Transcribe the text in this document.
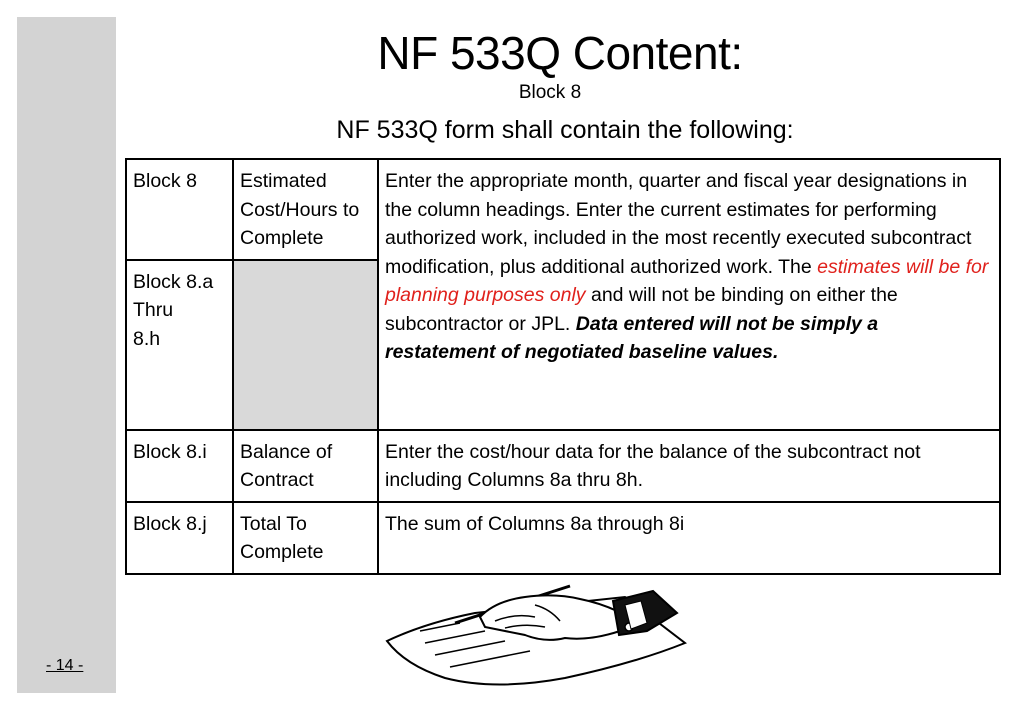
- 14 -
NF 533Q Content:
Block 8
NF 533Q form shall contain the following:
Block 8	Estimated Cost/Hours to Complete	Enter the appropriate month, quarter and fiscal year designations in the column headings. Enter the current estimates for performing authorized work, included in the most recently executed subcontract modification, plus additional authorized work. The estimates will be for planning purposes only and will not be binding on either the subcontractor or JPL. Data entered will not be simply a restatement of negotiated baseline values.

Block 8.a
Thru
8.h		

Block 8.i	Balance of Contract	Enter the cost/hour data for the balance of the subcontract not including Columns 8a thru 8h.
Block 8.j	Total To Complete	The sum of Columns 8a through 8i
